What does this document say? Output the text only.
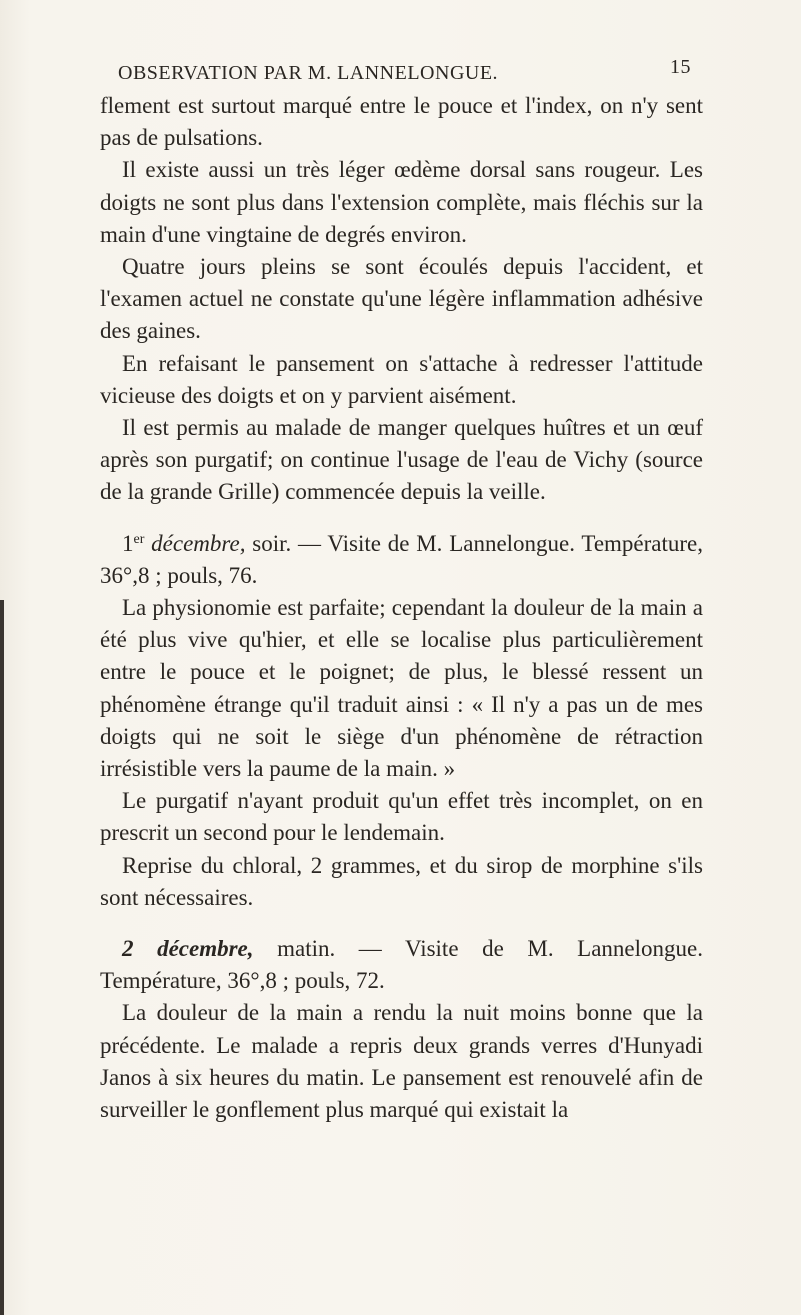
OBSERVATION PAR M. LANNELONGUE.	15

flement est surtout marqué entre le pouce et l'index, on n'y sent pas de pulsations.

Il existe aussi un très léger œdème dorsal sans rougeur. Les doigts ne sont plus dans l'extension complète, mais fléchis sur la main d'une vingtaine de degrés environ.

Quatre jours pleins se sont écoulés depuis l'accident, et l'examen actuel ne constate qu'une légère inflammation adhésive des gaines.

En refaisant le pansement on s'attache à redresser l'attitude vicieuse des doigts et on y parvient aisément.

Il est permis au malade de manger quelques huîtres et un œuf après son purgatif; on continue l'usage de l'eau de Vichy (source de la grande Grille) commencée depuis la veille.

1er décembre, soir. — Visite de M. Lannelongue. Température, 36°,8 ; pouls, 76.

La physionomie est parfaite; cependant la douleur de la main a été plus vive qu'hier, et elle se localise plus particulièrement entre le pouce et le poignet; de plus, le blessé ressent un phénomène étrange qu'il traduit ainsi : « Il n'y a pas un de mes doigts qui ne soit le siège d'un phénomène de rétraction irrésistible vers la paume de la main. »

Le purgatif n'ayant produit qu'un effet très incomplet, on en prescrit un second pour le lendemain.

Reprise du chloral, 2 grammes, et du sirop de morphine s'ils sont nécessaires.

2 décembre, matin. — Visite de M. Lannelongue. Température, 36°,8 ; pouls, 72.

La douleur de la main a rendu la nuit moins bonne que la précédente. Le malade a repris deux grands verres d'Hunyadi Janos à six heures du matin. Le pansement est renouvelé afin de surveiller le gonflement plus marqué qui existait la
